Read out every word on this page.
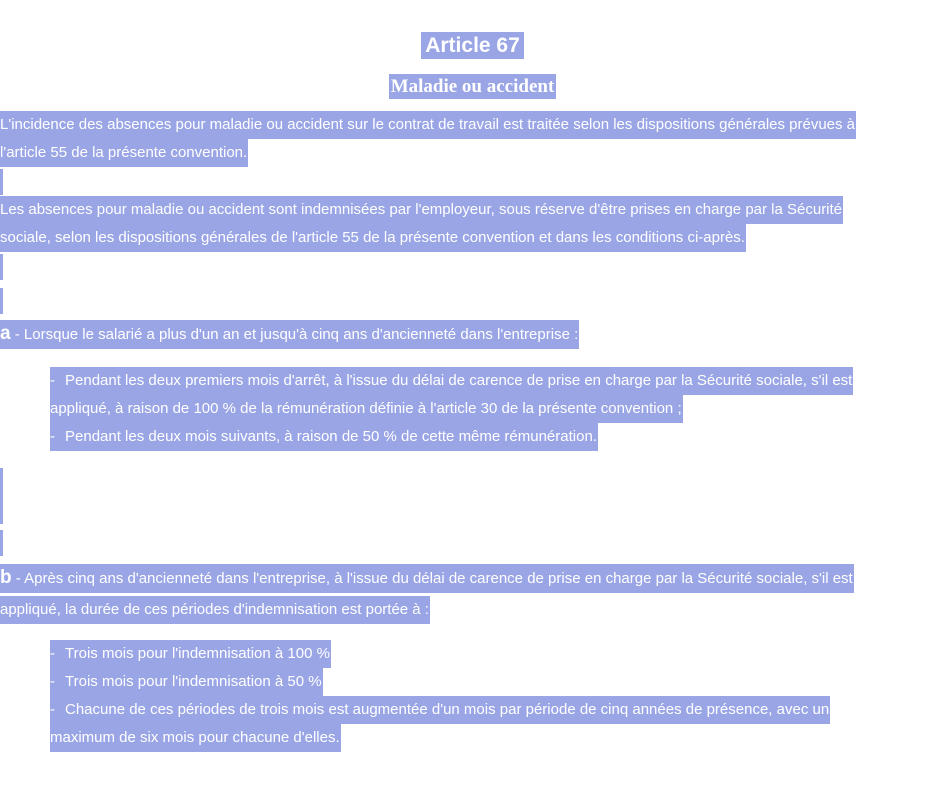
Article 67
Maladie ou accident
L'incidence des absences pour maladie ou accident sur le contrat de travail est traitée selon les dispositions générales prévues à
l'article 55 de la présente convention.
Les absences pour maladie ou accident sont indemnisées par l'employeur, sous réserve d'être prises en charge par la Sécurité
sociale, selon les dispositions générales de l'article 55 de la présente convention et dans les conditions ci-après.
a - Lorsque le salarié a plus d'un an et jusqu'à cinq ans d'ancienneté dans l'entreprise :
- Pendant les deux premiers mois d'arrêt, à l'issue du délai de carence de prise en charge par la Sécurité sociale, s'il est
appliqué, à raison de 100 % de la rémunération définie à l'article 30 de la présente convention ;
- Pendant les deux mois suivants, à raison de 50 % de cette même rémunération.
b - Après cinq ans d'ancienneté dans l'entreprise, à l'issue du délai de carence de prise en charge par la Sécurité sociale, s'il est
appliqué, la durée de ces périodes d'indemnisation est portée à :
- Trois mois pour l'indemnisation à 100 %
- Trois mois pour l'indemnisation à 50 %
- Chacune de ces périodes de trois mois est augmentée d'un mois par période de cinq années de présence, avec un
maximum de six mois pour chacune d'elles.
